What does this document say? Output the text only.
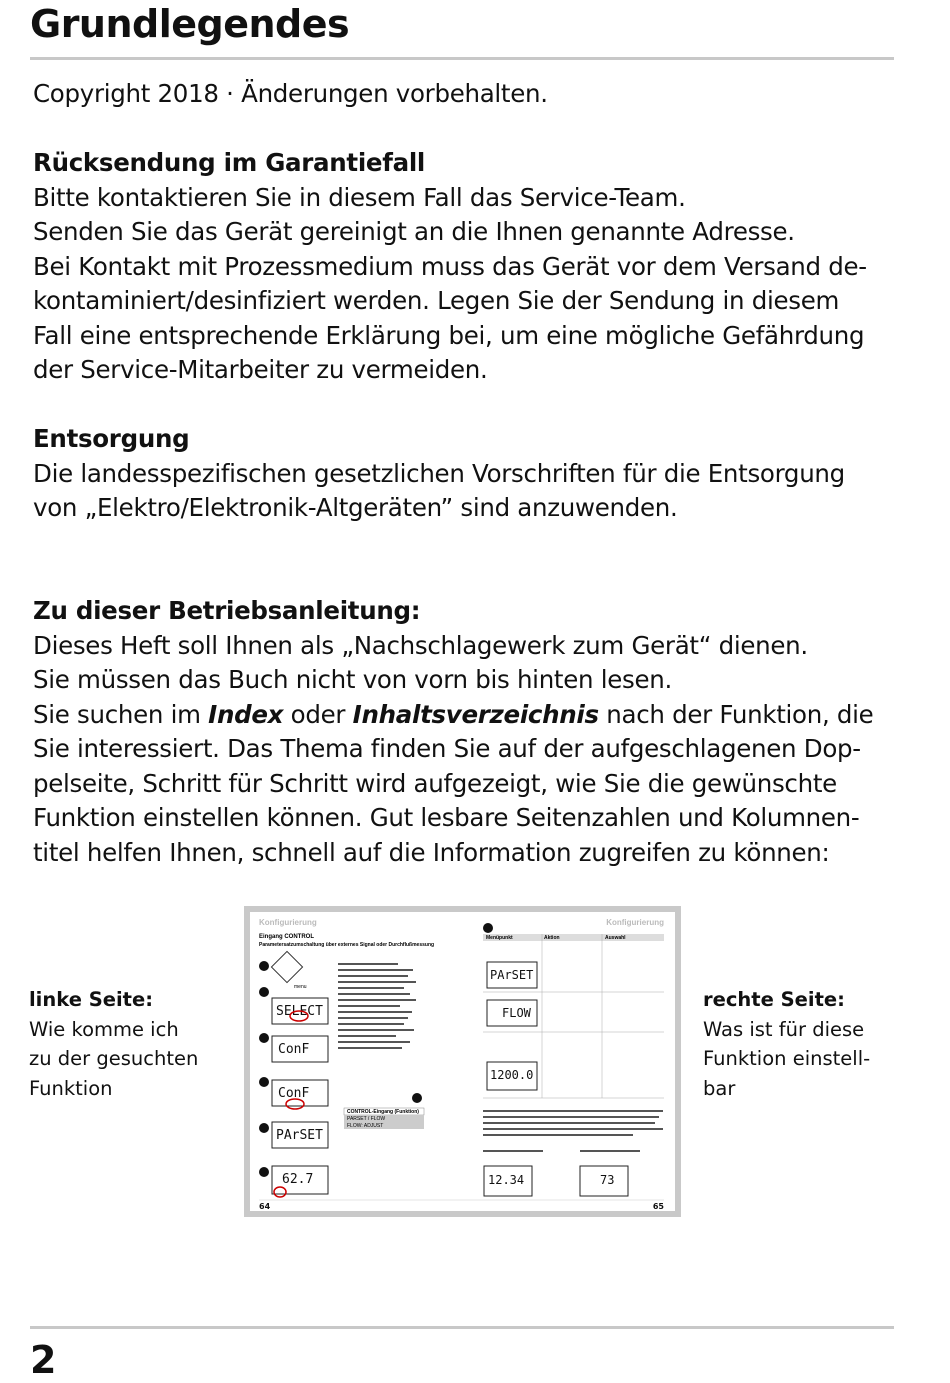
Grundlegendes

Copyright 2018 · Änderungen vorbehalten.

Rücksendung im Garantiefall

Bitte kontaktieren Sie in diesem Fall das Service-Team.

Senden Sie das Gerät gereinigt an die Ihnen genannte Adresse.

Bei Kontakt mit Prozessmedium muss das Gerät vor dem Versand de-

kontaminiert/desinfiziert werden. Legen Sie der Sendung in diesem

Fall eine entsprechende Erklärung bei, um eine mögliche Gefährdung

der Service-Mitarbeiter zu vermeiden.

Entsorgung

Die landesspezifischen gesetzlichen Vorschriften für die Entsorgung

von „Elektro/Elektronik-Altgeräten” sind anzuwenden.

Zu dieser Betriebsanleitung:

Dieses Heft soll Ihnen als „Nachschlagewerk zum Gerät“ dienen.

Sie müssen das Buch nicht von vorn bis hinten lesen.

Sie suchen im Index oder Inhaltsverzeichnis nach der Funktion, die

Sie interessiert. Das Thema finden Sie auf der aufgeschlagenen Dop-

pelseite, Schritt für Schritt wird aufgezeigt, wie Sie die gewünschte

Funktion einstellen können. Gut lesbare Seitenzahlen und Kolumnen-

titel helfen Ihnen, schnell auf die Information zugreifen zu können:

linke Seite:
Wie komme ich
zu der gesuchten
Funktion
rechte Seite:
Was ist für diese
Funktion einstell-
bar
Konfigurierung	Konfigurierung
Eingang CONTROL
Parametersatzumschaltung über externes Signal oder Durchflußmessung
menu
SELECT
ConF
ConF
PArSET
62.7
CONTROL-Eingang (Funktion)
PARSET / FLOW
FLOW: ADJUST
Menüpunkt	Aktion	Auswahl
PArSET
FLOW
1200.0
12.34	73
64	65
2
